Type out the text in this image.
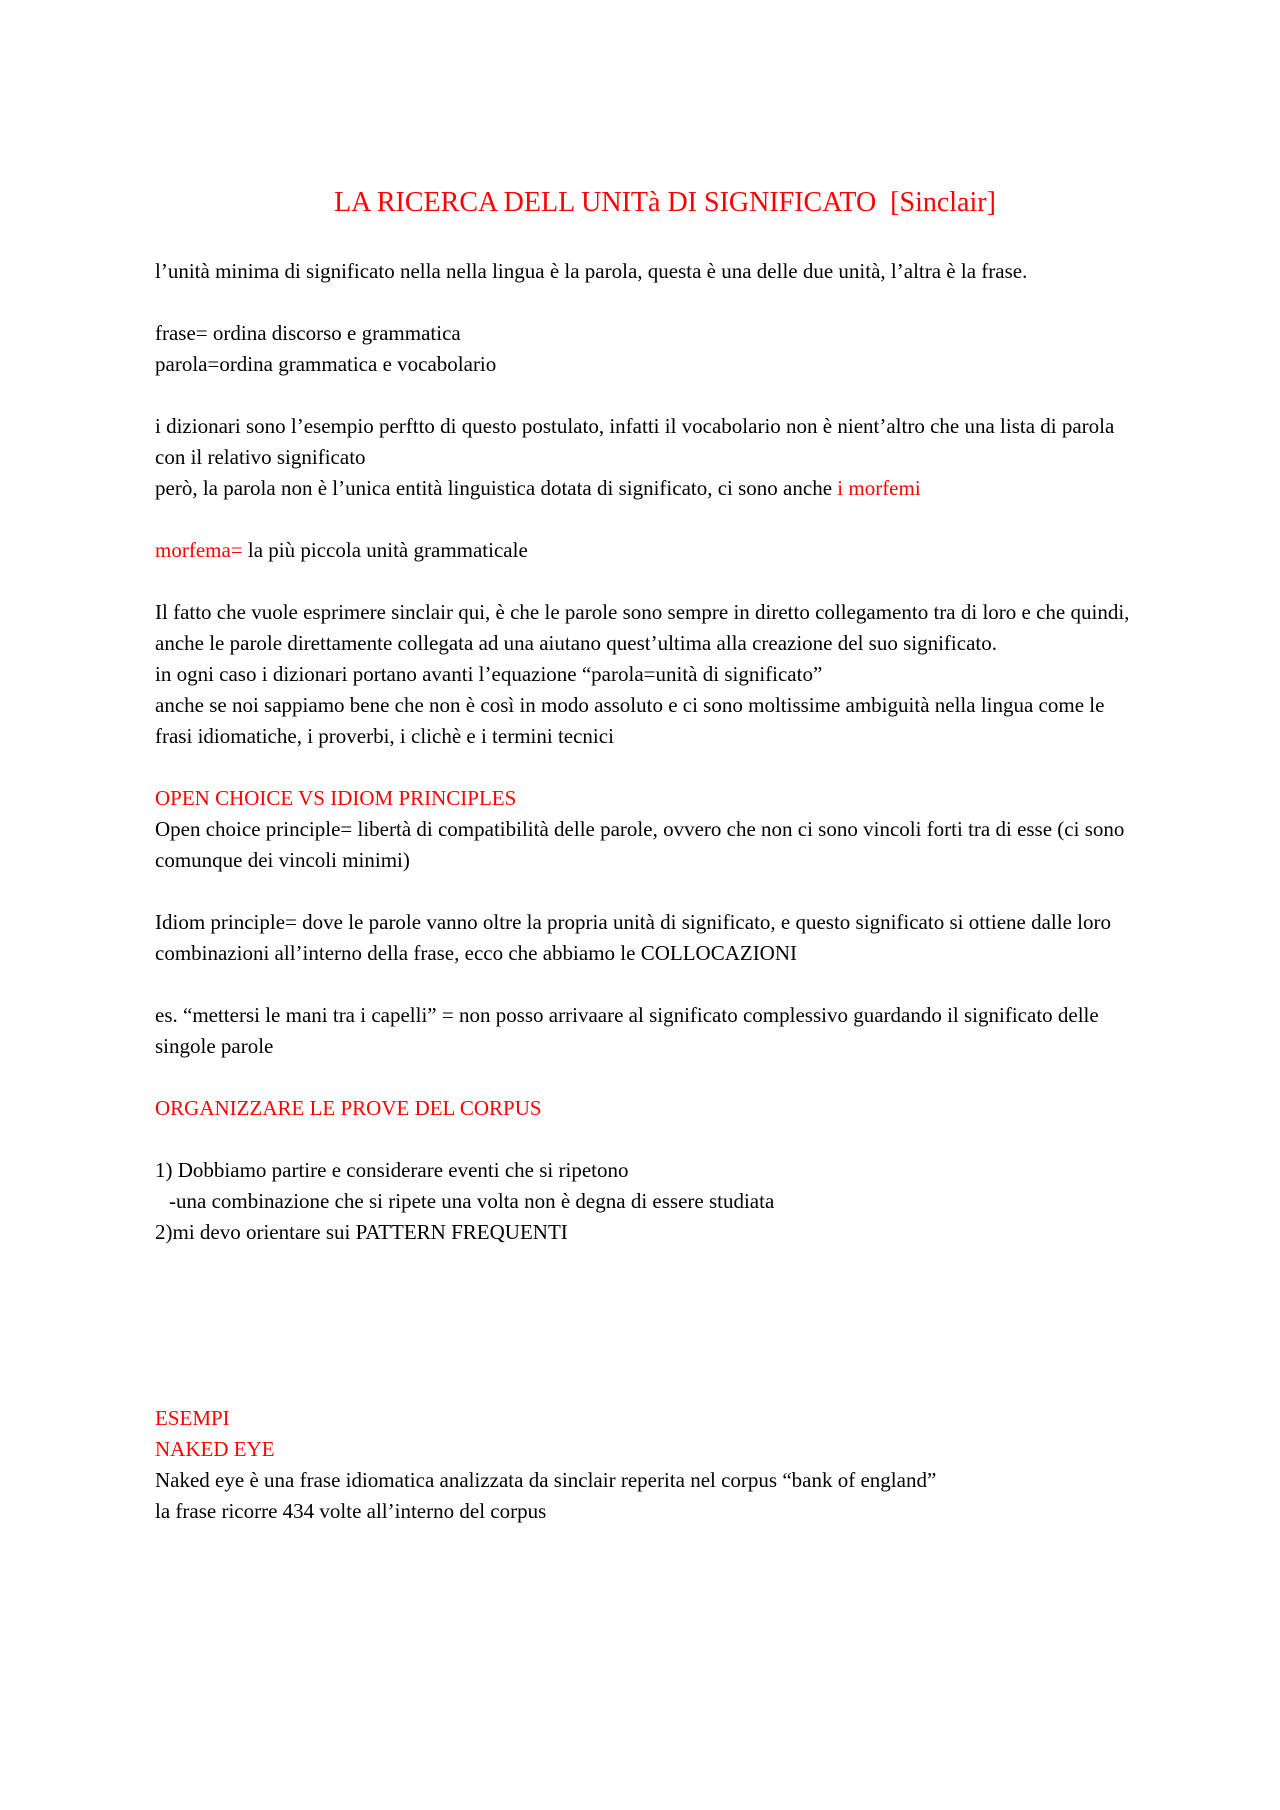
LA RICERCA DELL UNITà DI SIGNIFICATO  [Sinclair]

l’unità minima di significato nella nella lingua è la parola, questa è una delle due unità, l’altra è la frase.

frase= ordina discorso e grammatica

parola=ordina grammatica e vocabolario

i dizionari sono l’esempio perftto di questo postulato, infatti il vocabolario non è nient’altro che una lista di parola con il relativo significato

però, la parola non è l’unica entità linguistica dotata di significato, ci sono anche i morfemi

morfema= la più piccola unità grammaticale

Il fatto che vuole esprimere sinclair qui, è che le parole sono sempre in diretto collegamento tra di loro e che quindi, anche le parole direttamente collegata ad una aiutano quest’ultima alla creazione del suo significato.

in ogni caso i dizionari portano avanti l’equazione “parola=unità di significato”

anche se noi sappiamo bene che non è così in modo assoluto e ci sono moltissime ambiguità nella lingua come le frasi idiomatiche, i proverbi, i clichè e i termini tecnici

OPEN CHOICE VS IDIOM PRINCIPLES

Open choice principle= libertà di compatibilità delle parole, ovvero che non ci sono vincoli forti tra di esse (ci sono comunque dei vincoli minimi)

Idiom principle= dove le parole vanno oltre la propria unità di significato, e questo significato si ottiene dalle loro combinazioni all’interno della frase, ecco che abbiamo le COLLOCAZIONI

es. “mettersi le mani tra i capelli” = non posso arrivaare al significato complessivo guardando il significato delle singole parole

ORGANIZZARE LE PROVE DEL CORPUS

1) Dobbiamo partire e considerare eventi che si ripetono

-una combinazione che si ripete una volta non è degna di essere studiata

2)mi devo orientare sui PATTERN FREQUENTI

ESEMPI

NAKED EYE

Naked eye è una frase idiomatica analizzata da sinclair reperita nel corpus “bank of england”

la frase ricorre 434 volte all’interno del corpus
